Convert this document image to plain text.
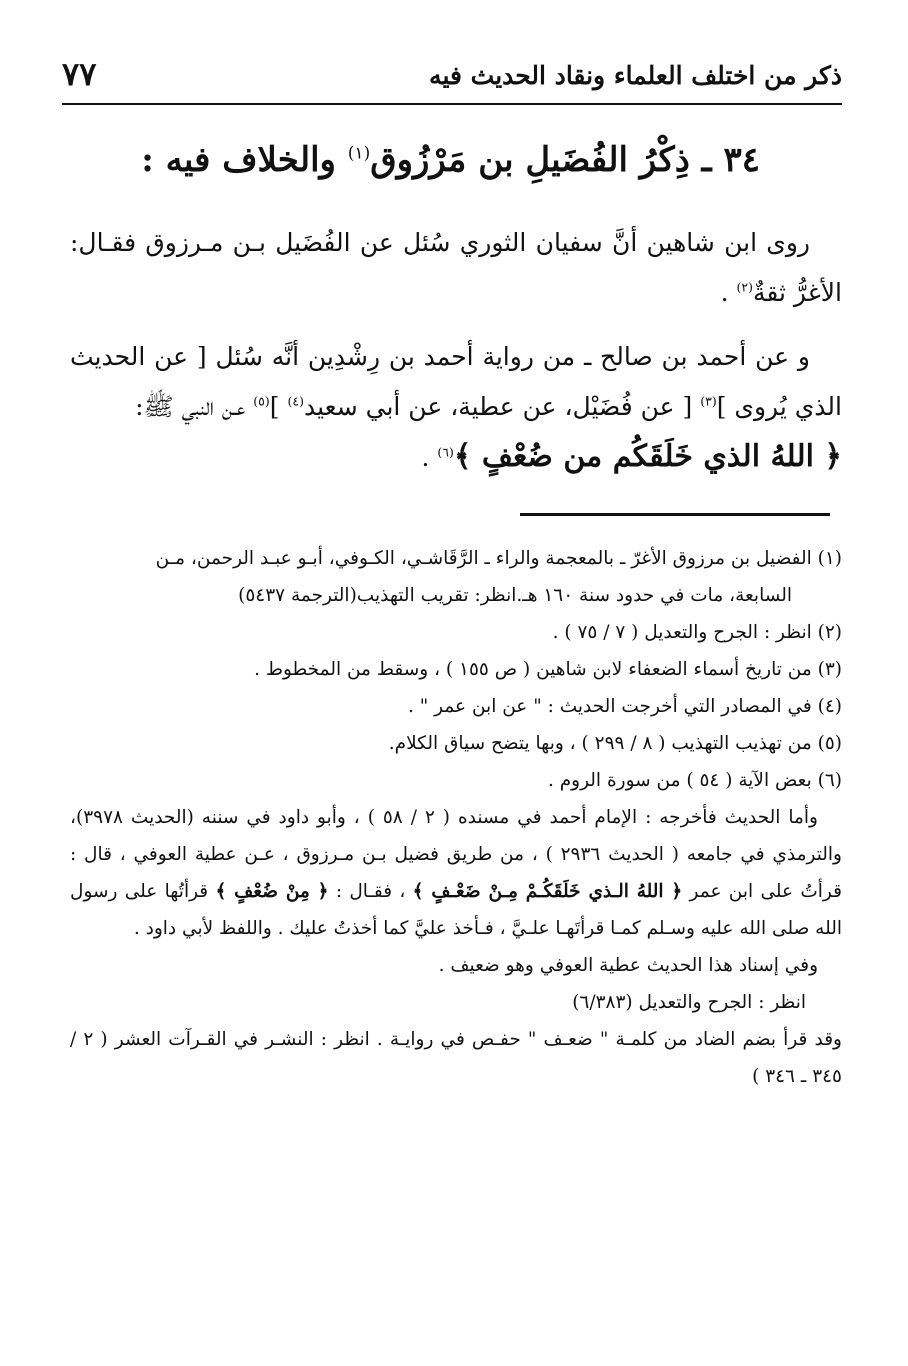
ذكر من اختلف العلماء ونقاد الحديث فيه
٧٧
٣٤ ـ ذِكْرُ الفُضَيلِ بن مَرْزُوق$^{(١)}$ والخلاف فيه :

روى ابن شاهين أنَّ سفيان الثوري سُئل عن الفُضَيل بـن مـرزوق فقـال: الأغرُّ ثقةٌ$^{(٢)}$ .

و عن أحمد بن صالح ـ من رواية أحمد بن رِشْدِين أنَّه سُئل [ عن الحديث الذي يُروى ]$^{(٣)}$ [ عن فُضَيْل، عن عطية، عن أبي سعيد$^{(٤)}$ ]$^{(٥)}$ عـن النبي ﷺ:
﴿ اللهُ الذي خَلَقَكُم من ضُعْفٍ ﴾$^{(٦)}$ .

(١) الفضيل بن مرزوق الأغرّ ـ بالمعجمة والراء ـ الرَّقَاشـي، الكـوفي، أبـو عبـد الرحمن، مـن

السابعة، مات في حدود سنة ١٦٠ هـ.انظر: تقريب التهذيب(الترجمة ٥٤٣٧)

(٢) انظر : الجرح والتعديل ( ٧ / ٧٥ ) .

(٣) من تاريخ أسماء الضعفاء لابن شاهين ( ص ١٥٥ ) ، وسقط من المخطوط .

(٤) في المصادر التي أخرجت الحديث : " عن ابن عمر " .

(٥) من تهذيب التهذيب ( ٨ / ٢٩٩ ) ، وبها يتضح سياق الكلام.

(٦) بعض الآية ( ٥٤ ) من سورة الروم .

وأما الحديث فأخرجه : الإمام أحمد في مسنده ( ٢ / ٥٨ ) ، وأبو داود في سننه (الحديث ٣٩٧٨)، والترمذي في جامعه ( الحديث ٢٩٣٦ ) ، من طريق فضيل بـن مـرزوق ، عـن عطية العوفي ، قال : قرأتُ على ابن عمر ﴿ اللهُ الـذي خَلَقَكُـمْ مِـنْ ضَعْـفٍ ﴾ ، فقـال : ﴿ مِنْ ضُعْفٍ ﴾ قرأتُها على رسول الله صلى الله عليه وسـلم كمـا قرأتَهـا علـيَّ ، فـأخذ عليَّ كما أخذتُ عليك . واللفظ لأبي داود .

وفي إسناد هذا الحديث عطية العوفي وهو ضعيف .

انظر : الجرح والتعديل (٦/٣٨٣)

وقد قرأ بضم الضاد من كلمـة " ضعـف " حفـص في روايـة . انظر : النشـر في القـرآت العشر ( ٢ / ٣٤٥ ـ ٣٤٦ )
